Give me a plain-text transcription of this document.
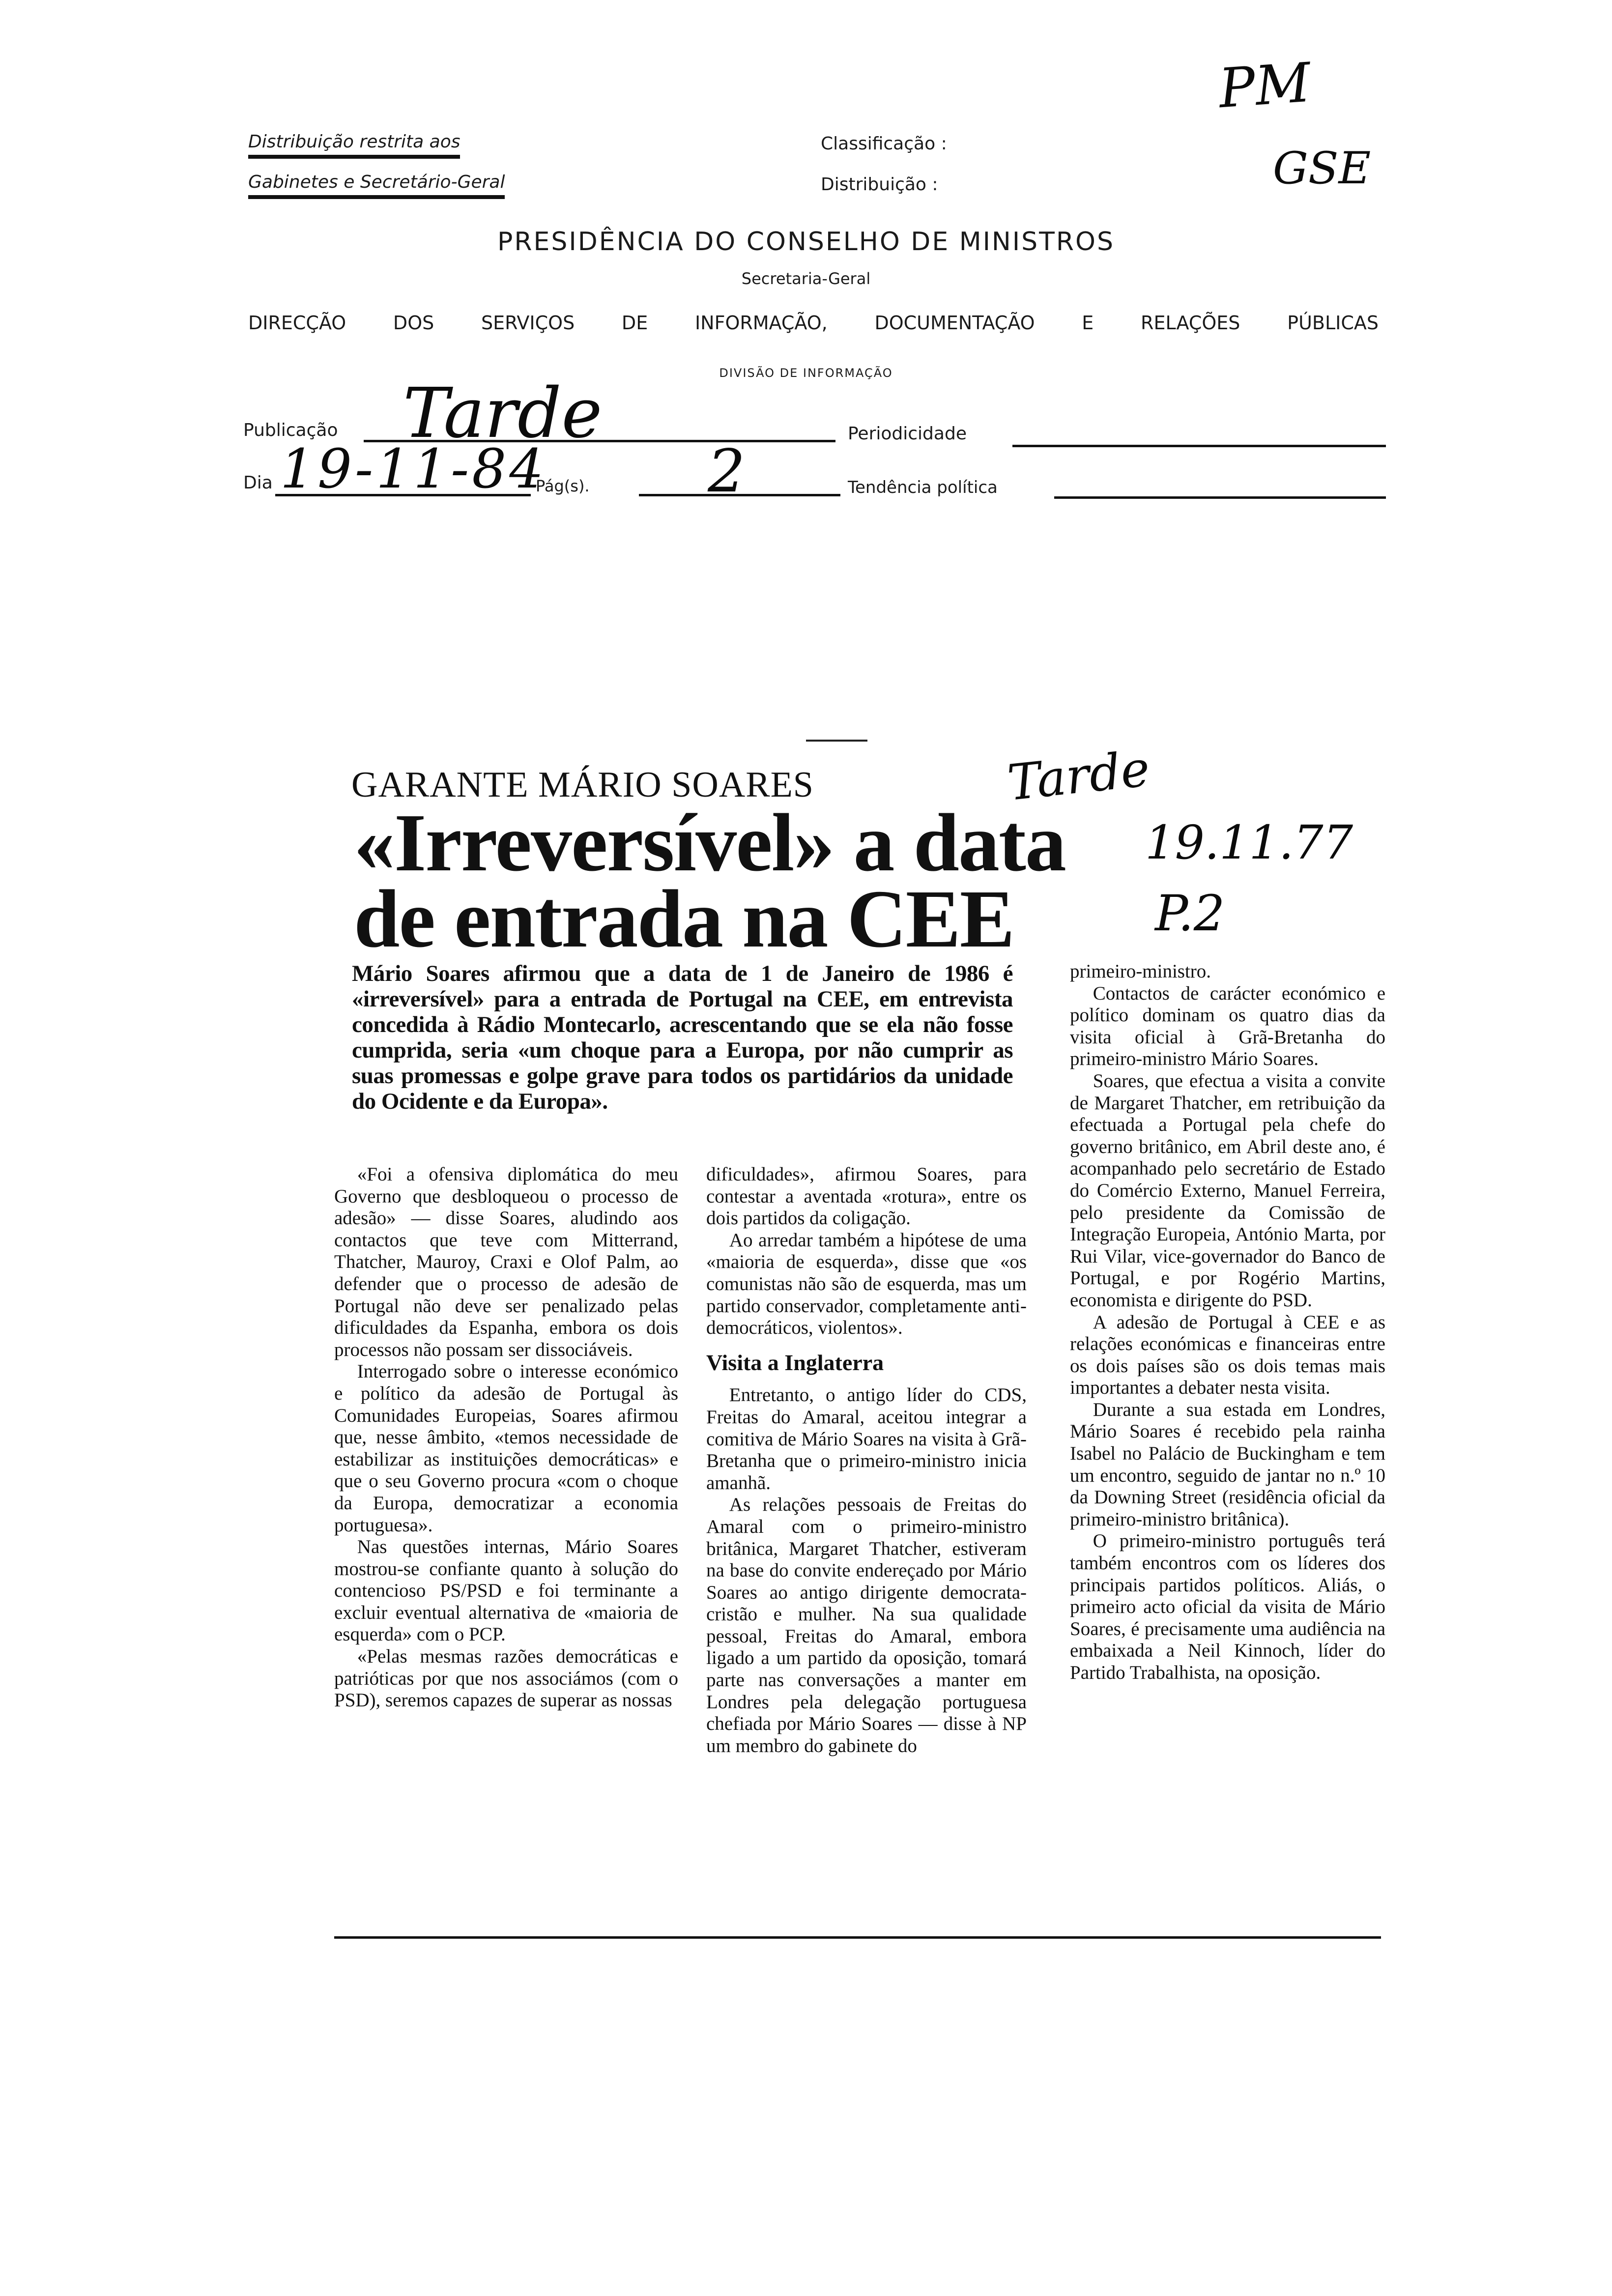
Distribuição restrita aos
Gabinetes e Secretário-Geral
Classificação :
Distribuição :
PM
GSE
PRESIDÊNCIA DO CONSELHO DE MINISTROS
Secretaria-Geral
DIRECÇÃO DOS SERVIÇOS DE INFORMAÇÃO, DOCUMENTAÇÃO E RELAÇÕES PÚBLICAS
DIVISÃO DE INFORMAÇÃO
Publicação Tarde	Periodicidade
Dia 19-11-84
Pág(s). 2	Tendência política
GARANTE MÁRIO SOARES
«Irreversível» a data
de entrada na CEE
Tarde
19.11.77
P.2
Mário Soares afirmou que a data de 1 de Janeiro de 1986 é «irreversível» para a entrada de Portugal na CEE, em entrevista concedida à Rádio Montecarlo, acrescentando que se ela não fosse cumprida, seria «um choque para a Europa, por não cumprir as suas promessas e golpe grave para todos os partidários da unidade do Ocidente e da Europa».

«Foi a ofensiva diplomática do meu Governo que desbloqueou o processo de adesão» — disse Soares, aludindo aos contactos que teve com Mitterrand, Thatcher, Mauroy, Craxi e Olof Palm, ao defender que o processo de adesão de Portugal não deve ser penalizado pelas dificuldades da Espanha, embora os dois processos não possam ser dissociáveis.

Interrogado sobre o interesse económico e político da adesão de Portugal às Comunidades Europeias, Soares afirmou que, nesse âmbito, «temos necessidade de estabilizar as instituições democráticas» e que o seu Governo procura «com o choque da Europa, democratizar a economia portuguesa».

Nas questões internas, Mário Soares mostrou-se confiante quanto à solução do contencioso PS/PSD e foi terminante a excluir eventual alternativa de «maioria de esquerda» com o PCP.

«Pelas mesmas razões democráticas e patrióticas por que nos associámos (com o PSD), seremos capazes de superar as nossas

dificuldades», afirmou Soares, para contestar a aventada «rotura», entre os dois partidos da coligação.

Ao arredar também a hipótese de uma «maioria de esquerda», disse que «os comunistas não são de esquerda, mas um partido conservador, completamente anti-democráticos, violentos».

Visita a Inglaterra

Entretanto, o antigo líder do CDS, Freitas do Amaral, aceitou integrar a comitiva de Mário Soares na visita à Grã-Bretanha que o primeiro-ministro inicia amanhã.

As relações pessoais de Freitas do Amaral com o primeiro-ministro britânica, Margaret Thatcher, estiveram na base do convite endereçado por Mário Soares ao antigo dirigente democrata-cristão e mulher. Na sua qualidade pessoal, Freitas do Amaral, embora ligado a um partido da oposição, tomará parte nas conversações a manter em Londres pela delegação portuguesa chefiada por Mário Soares — disse à NP um membro do gabinete do

primeiro-ministro.

Contactos de carácter económico e político dominam os quatro dias da visita oficial à Grã-Bretanha do primeiro-ministro Mário Soares.

Soares, que efectua a visita a convite de Margaret Thatcher, em retribuição da efectuada a Portugal pela chefe do governo britânico, em Abril deste ano, é acompanhado pelo secretário de Estado do Comércio Externo, Manuel Ferreira, pelo presidente da Comissão de Integração Europeia, António Marta, por Rui Vilar, vice-governador do Banco de Portugal, e por Rogério Martins, economista e dirigente do PSD.

A adesão de Portugal à CEE e as relações económicas e financeiras entre os dois países são os dois temas mais importantes a debater nesta visita.

Durante a sua estada em Londres, Mário Soares é recebido pela rainha Isabel no Palácio de Buckingham e tem um encontro, seguido de jantar no n.º 10 da Downing Street (residência oficial da primeiro-ministro britânica).

O primeiro-ministro português terá também encontros com os líderes dos principais partidos políticos. Aliás, o primeiro acto oficial da visita de Mário Soares, é precisamente uma audiência na embaixada a Neil Kinnoch, líder do Partido Trabalhista, na oposição.
